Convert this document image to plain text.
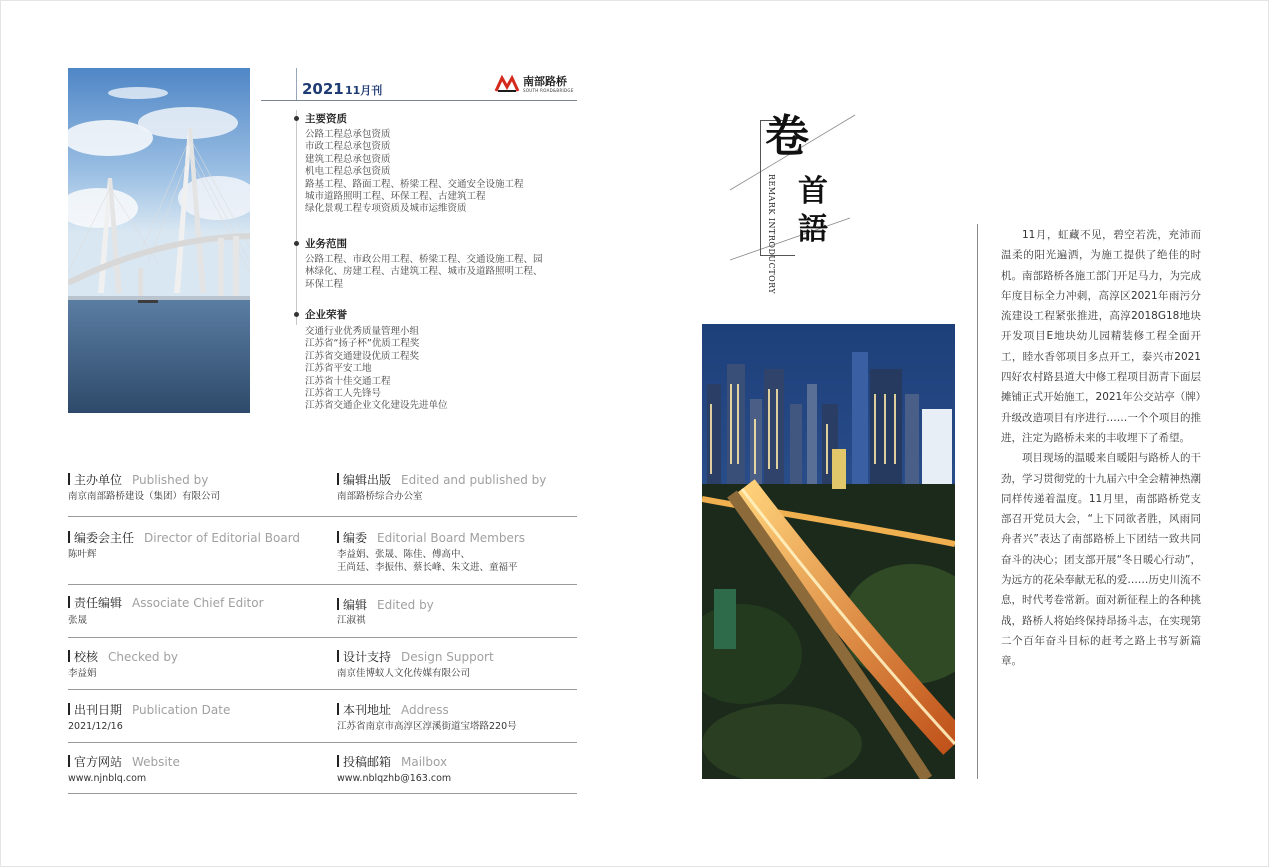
2021 11月刊
南部路桥
SOUTH ROAD&BRIDGE
主要资质
公路工程总承包资质
市政工程总承包资质
建筑工程总承包资质
机电工程总承包资质
路基工程、路面工程、桥梁工程、交通安全设施工程
城市道路照明工程、环保工程、古建筑工程
绿化景观工程专项资质及城市运维资质
业务范围
公路工程、市政公用工程、桥梁工程、交通设施工程、园
林绿化、房建工程、古建筑工程、城市及道路照明工程、
环保工程
企业荣誉
交通行业优秀质量管理小组
江苏省“扬子杯”优质工程奖
江苏省交通建设优质工程奖
江苏省平安工地
江苏省十佳交通工程
江苏省工人先锋号
江苏省交通企业文化建设先进单位
主办单位 Published by
南京南部路桥建设（集团）有限公司
编辑出版 Edited and published by
南部路桥综合办公室
编委会主任 Director of Editorial Board
陈叶辉
编委 Editorial Board Members
李益娟、张晟、陈佳、傅高中、
王尚廷、李振伟、蔡长峰、朱文进、童福平
责任编辑 Associate Chief Editor
张晟
编辑 Edited by
江淑祺
校核 Checked by
李益娟
设计支持 Design Support
南京佳博蚁人文化传媒有限公司
出刊日期 Publication Date
2021/12/16
本刊地址 Address
江苏省南京市高淳区淳溪街道宝塔路220号
官方网站 Website
www.njnblq.com
投稿邮箱 Mailbox
www.nblqzhb@163.com
卷
首
語
REMARK INTRODUCTORY	11月，虹藏不见，碧空若洗，充沛而温柔的阳光遍洒，为施工提供了绝佳的时机。南部路桥各施工部门开足马力，为完成年度目标全力冲刺，高淳区2021年雨污分流建设工程紧张推进，高淳2018G18地块开发项目E地块幼儿园精装修工程全面开工，睦水香邻项目多点开工，泰兴市2021四好农村路县道大中修工程项目沥青下面层摊铺正式开始施工，2021年公交站亭（牌）升级改造项目有序进行……一个个项目的推进，注定为路桥未来的丰收埋下了希望。

项目现场的温暖来自暖阳与路桥人的干劲，学习贯彻党的十九届六中全会精神热潮同样传递着温度。11月里，南部路桥党支部召开党员大会，“上下同欲者胜，风雨同舟者兴”表达了南部路桥上下团结一致共同奋斗的决心；团支部开展“冬日暖心行动”，为远方的花朵奉献无私的爱……历史川流不息，时代考卷常新。面对新征程上的各种挑战，路桥人将始终保持昂扬斗志，在实现第二个百年奋斗目标的赶考之路上书写新篇章。
